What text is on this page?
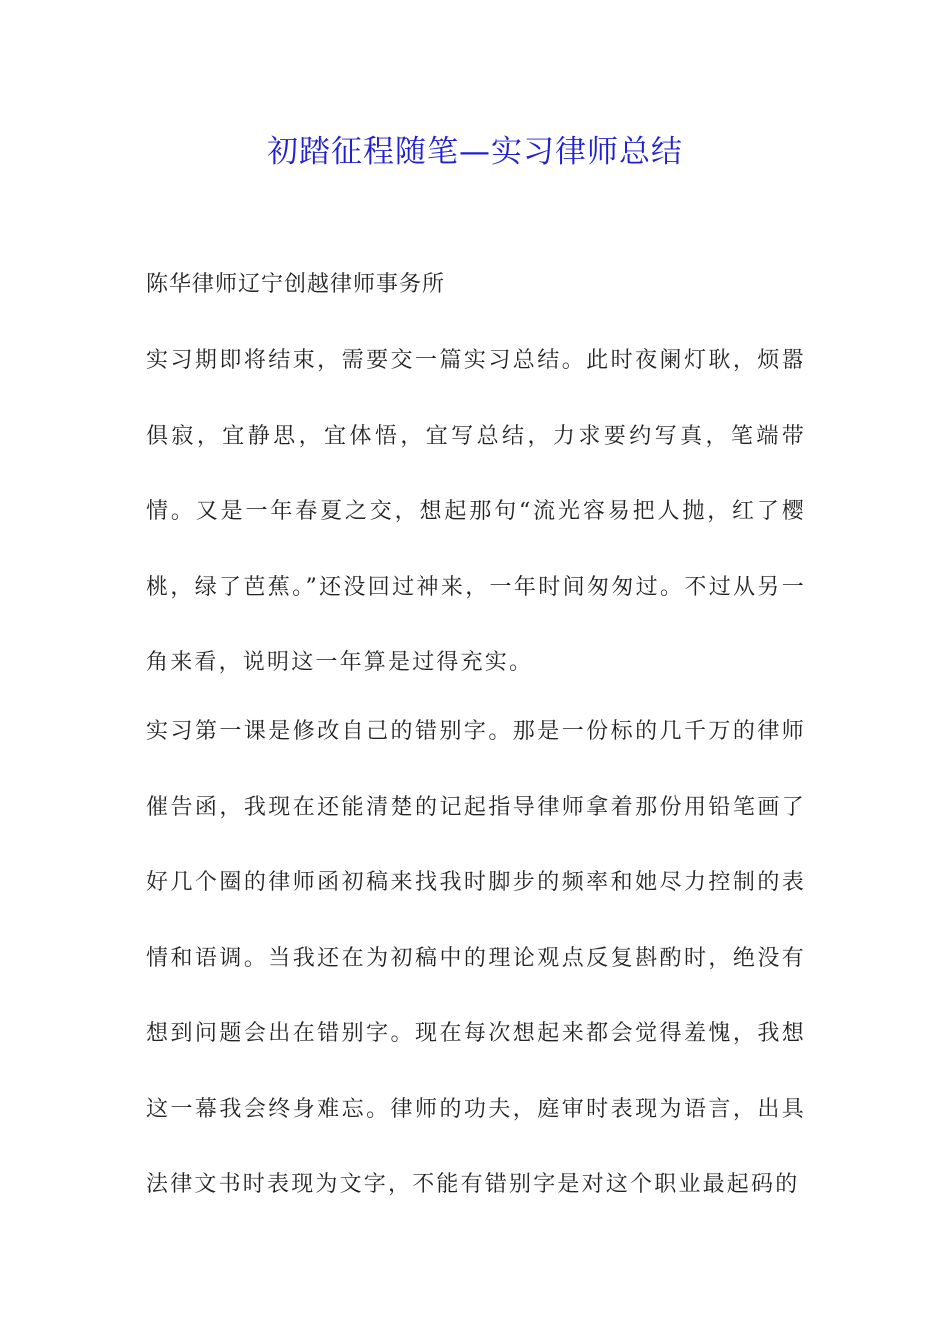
初踏征程随笔—实习律师总结
陈华律师辽宁创越律师事务所

实习期即将结束，需要交一篇实习总结。此时夜阑灯耿，烦嚣俱寂，宜静思，宜体悟，宜写总结，力求要约写真，笔端带情。又是一年春夏之交，想起那句“流光容易把人抛，红了樱桃，绿了芭蕉。”还没回过神来，一年时间匆匆过。不过从另一角来看，说明这一年算是过得充实。

实习第一课是修改自己的错别字。那是一份标的几千万的律师催告函，我现在还能清楚的记起指导律师拿着那份用铅笔画了好几个圈的律师函初稿来找我时脚步的频率和她尽力控制的表情和语调。当我还在为初稿中的理论观点反复斟酌时，绝没有想到问题会出在错别字。现在每次想起来都会觉得羞愧，我想这一幕我会终身难忘。律师的功夫，庭审时表现为语言，出具法律文书时表现为文字，不能有错别字是对这个职业最起码的
